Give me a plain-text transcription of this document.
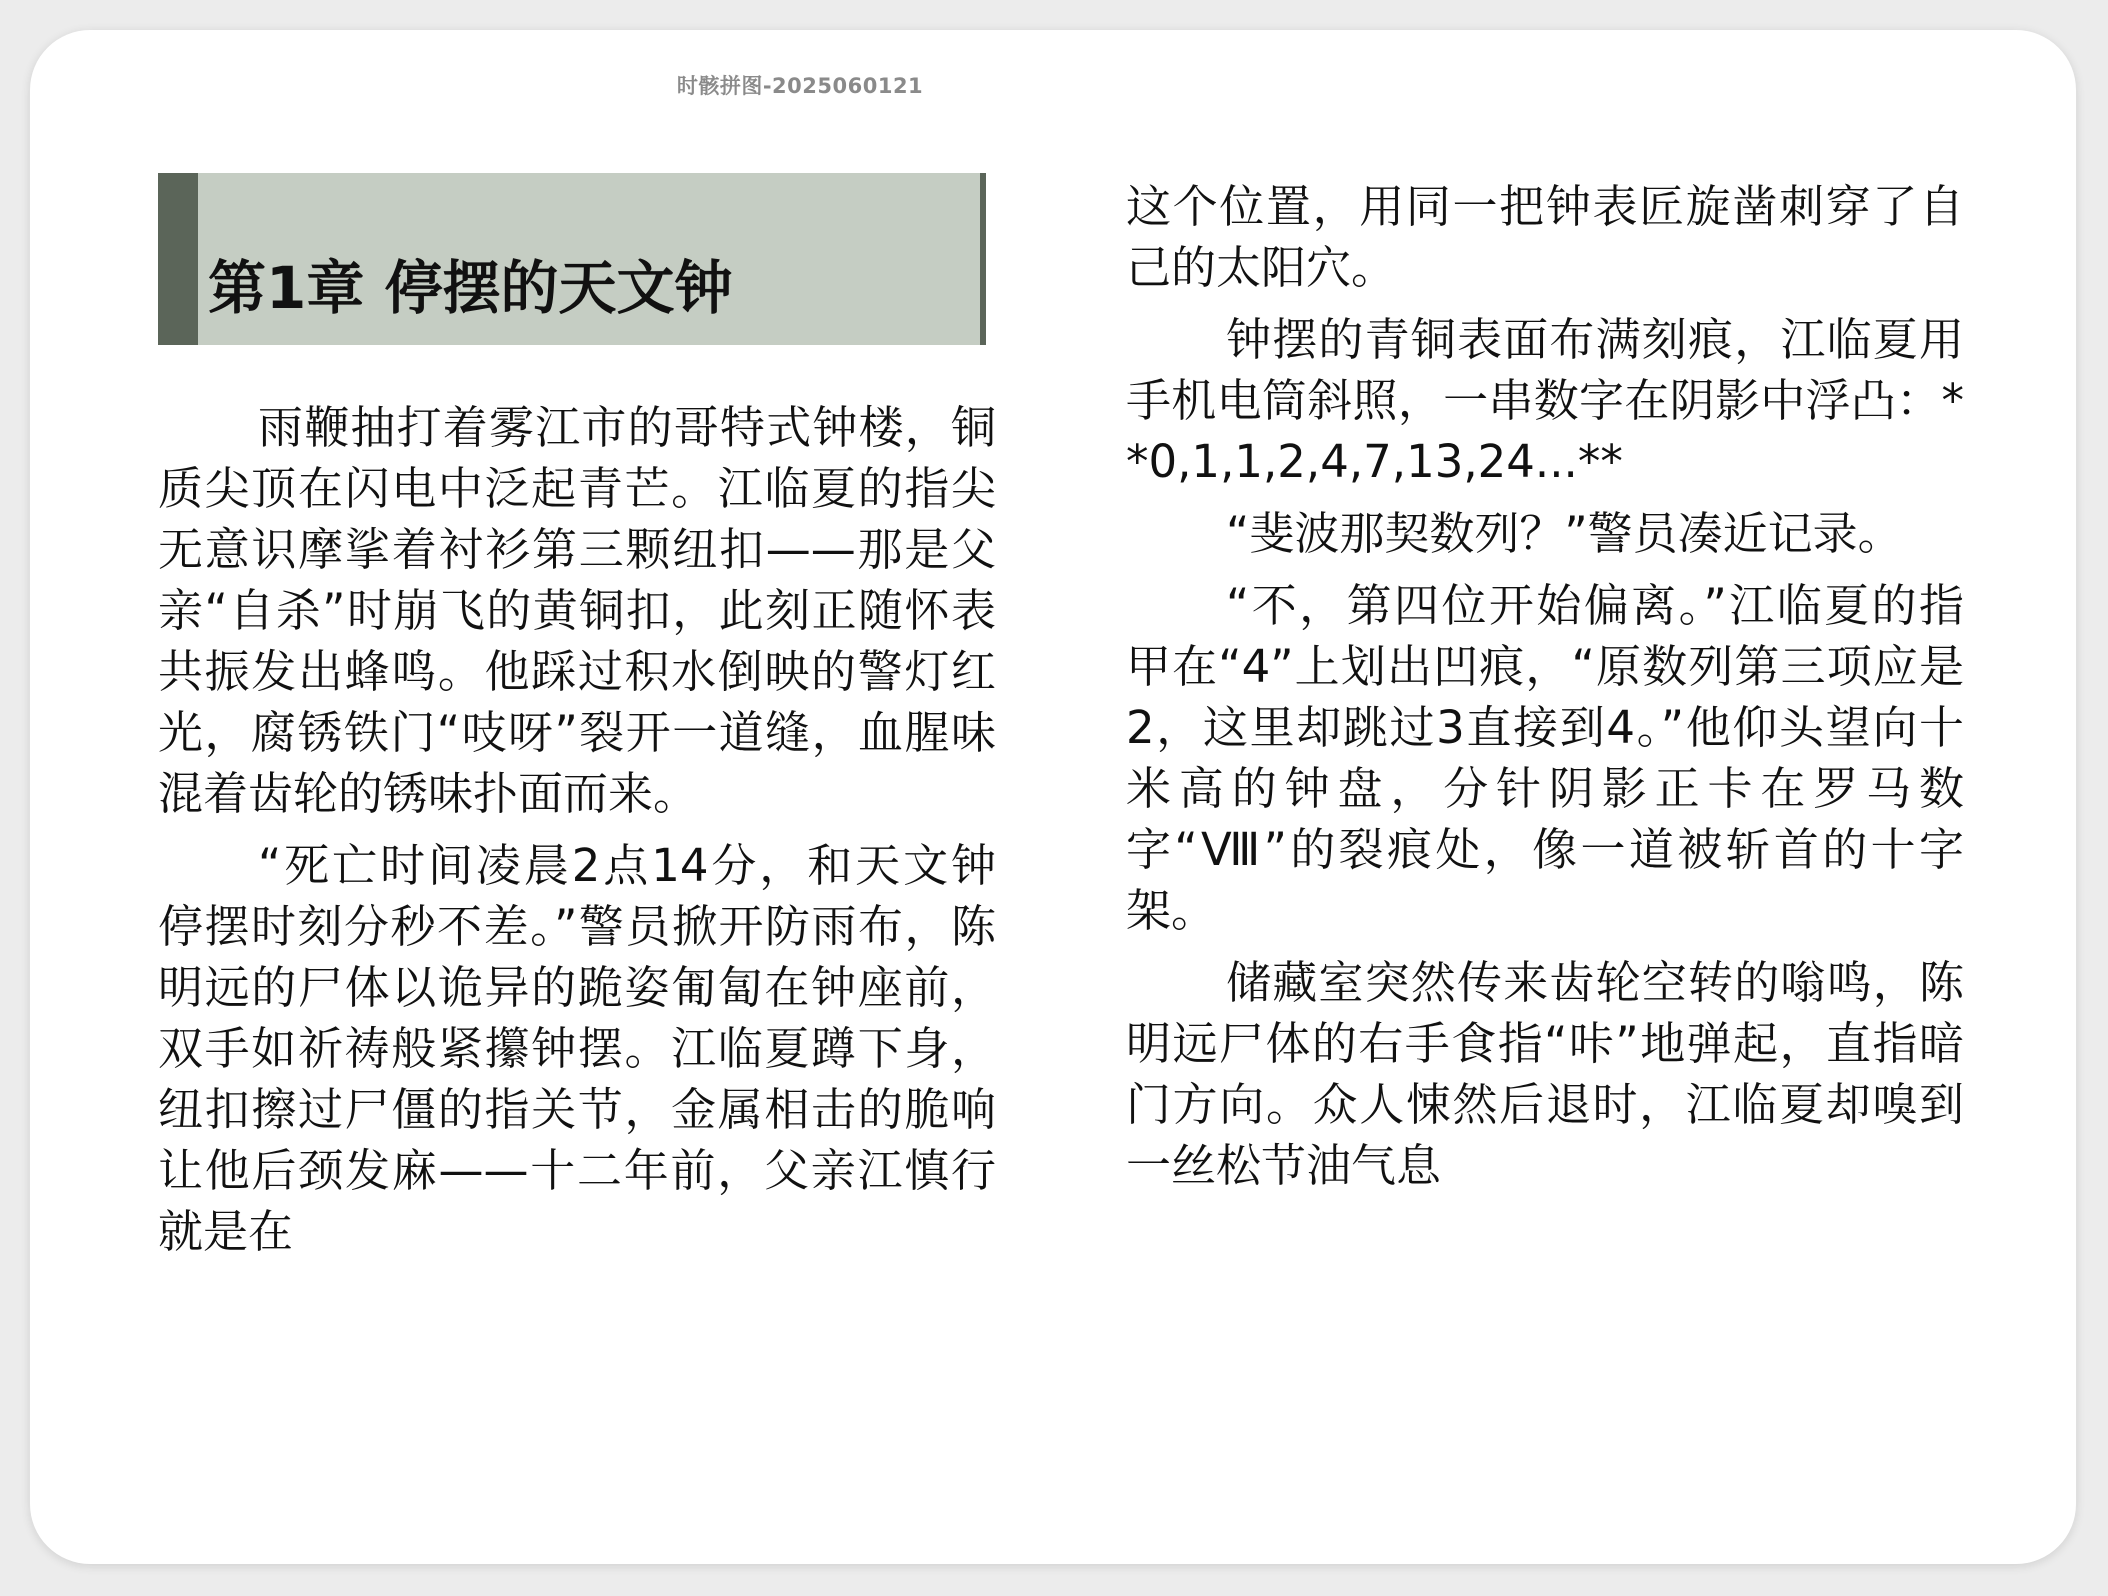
时骸拼图-2025060121
第1章 停摆的天文钟

雨鞭抽打着雾江市的哥特式钟楼，铜质尖顶在闪电中泛起青芒。江临夏的指尖无意识摩挲着衬衫第三颗纽扣——那是父亲“自杀”时崩飞的黄铜扣，此刻正随怀表共振发出蜂鸣。他踩过积水倒映的警灯红光，腐锈铁门“吱呀”裂开一道缝，血腥味混着齿轮的锈味扑面而来。

“死亡时间凌晨2点14分，和天文钟停摆时刻分秒不差。”警员掀开防雨布，陈明远的尸体以诡异的跪姿匍匐在钟座前，双手如祈祷般紧攥钟摆。江临夏蹲下身，纽扣擦过尸僵的指关节，金属相击的脆响让他后颈发麻——十二年前，父亲江慎行就是在

这个位置，用同一把钟表匠旋凿刺穿了自己的太阳穴。

钟摆的青铜表面布满刻痕，江临夏用手机电筒斜照，一串数字在阴影中浮凸：**0,1,1,2,4,7,13,24...**

“斐波那契数列？”警员凑近记录。

“不，第四位开始偏离。”江临夏的指甲在“4”上划出凹痕，“原数列第三项应是2，这里却跳过3直接到4。”他仰头望向十米高的钟盘，分针阴影正卡在罗马数字“Ⅷ”的裂痕处，像一道被斩首的十字架。

储藏室突然传来齿轮空转的嗡鸣，陈明远尸体的右手食指“咔”地弹起，直指暗门方向。众人悚然后退时，江临夏却嗅到一丝松节油气息
